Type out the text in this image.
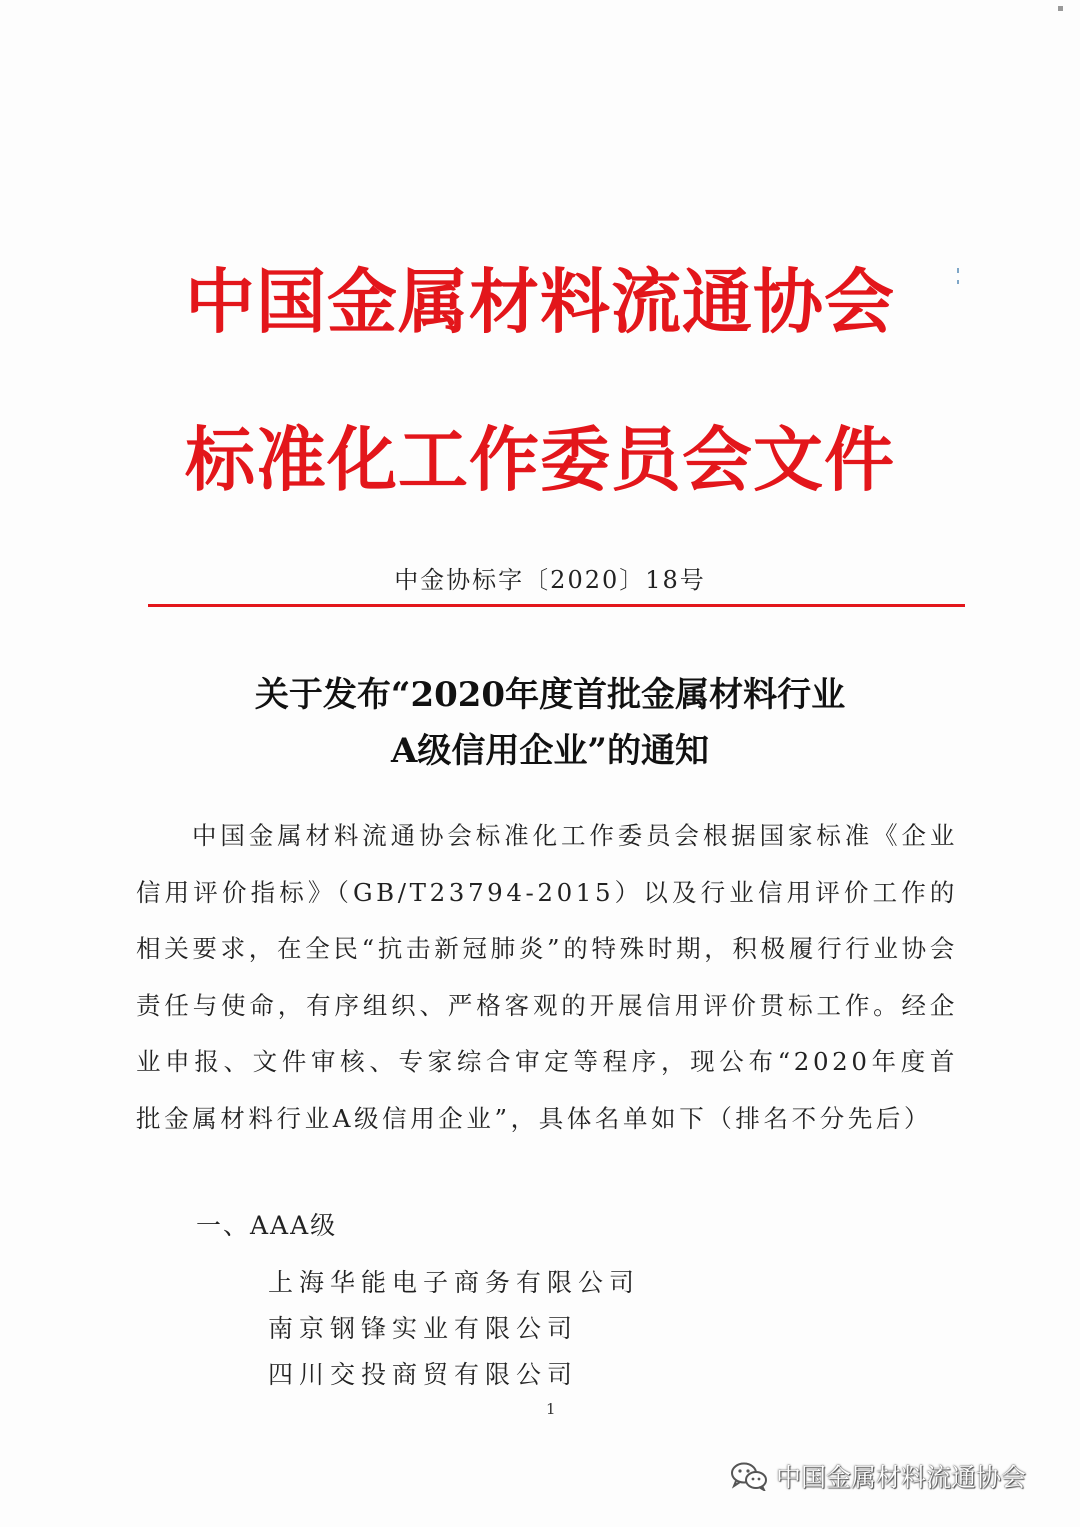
中国金属材料流通协会
标准化工作委员会文件
中金协标字〔2020〕18号
关于发布“2020年度首批金属材料行业
A级信用企业”的通知
中国金属材料流通协会标准化工作委员会根据国家标准《企业信用评价指标》（GB/T23794-2015）以及行业信用评价工作的相关要求，在全民“抗击新冠肺炎”的特殊时期，积极履行行业协会责任与使命，有序组织、严格客观的开展信用评价贯标工作。经企业申报、文件审核、专家综合审定等程序，现公布“2020年度首批金属材料行业A级信用企业”，具体名单如下（排名不分先后）
一、AAA级
上海华能电子商务有限公司
南京钢锋实业有限公司
四川交投商贸有限公司
1
中国金属材料流通协会
